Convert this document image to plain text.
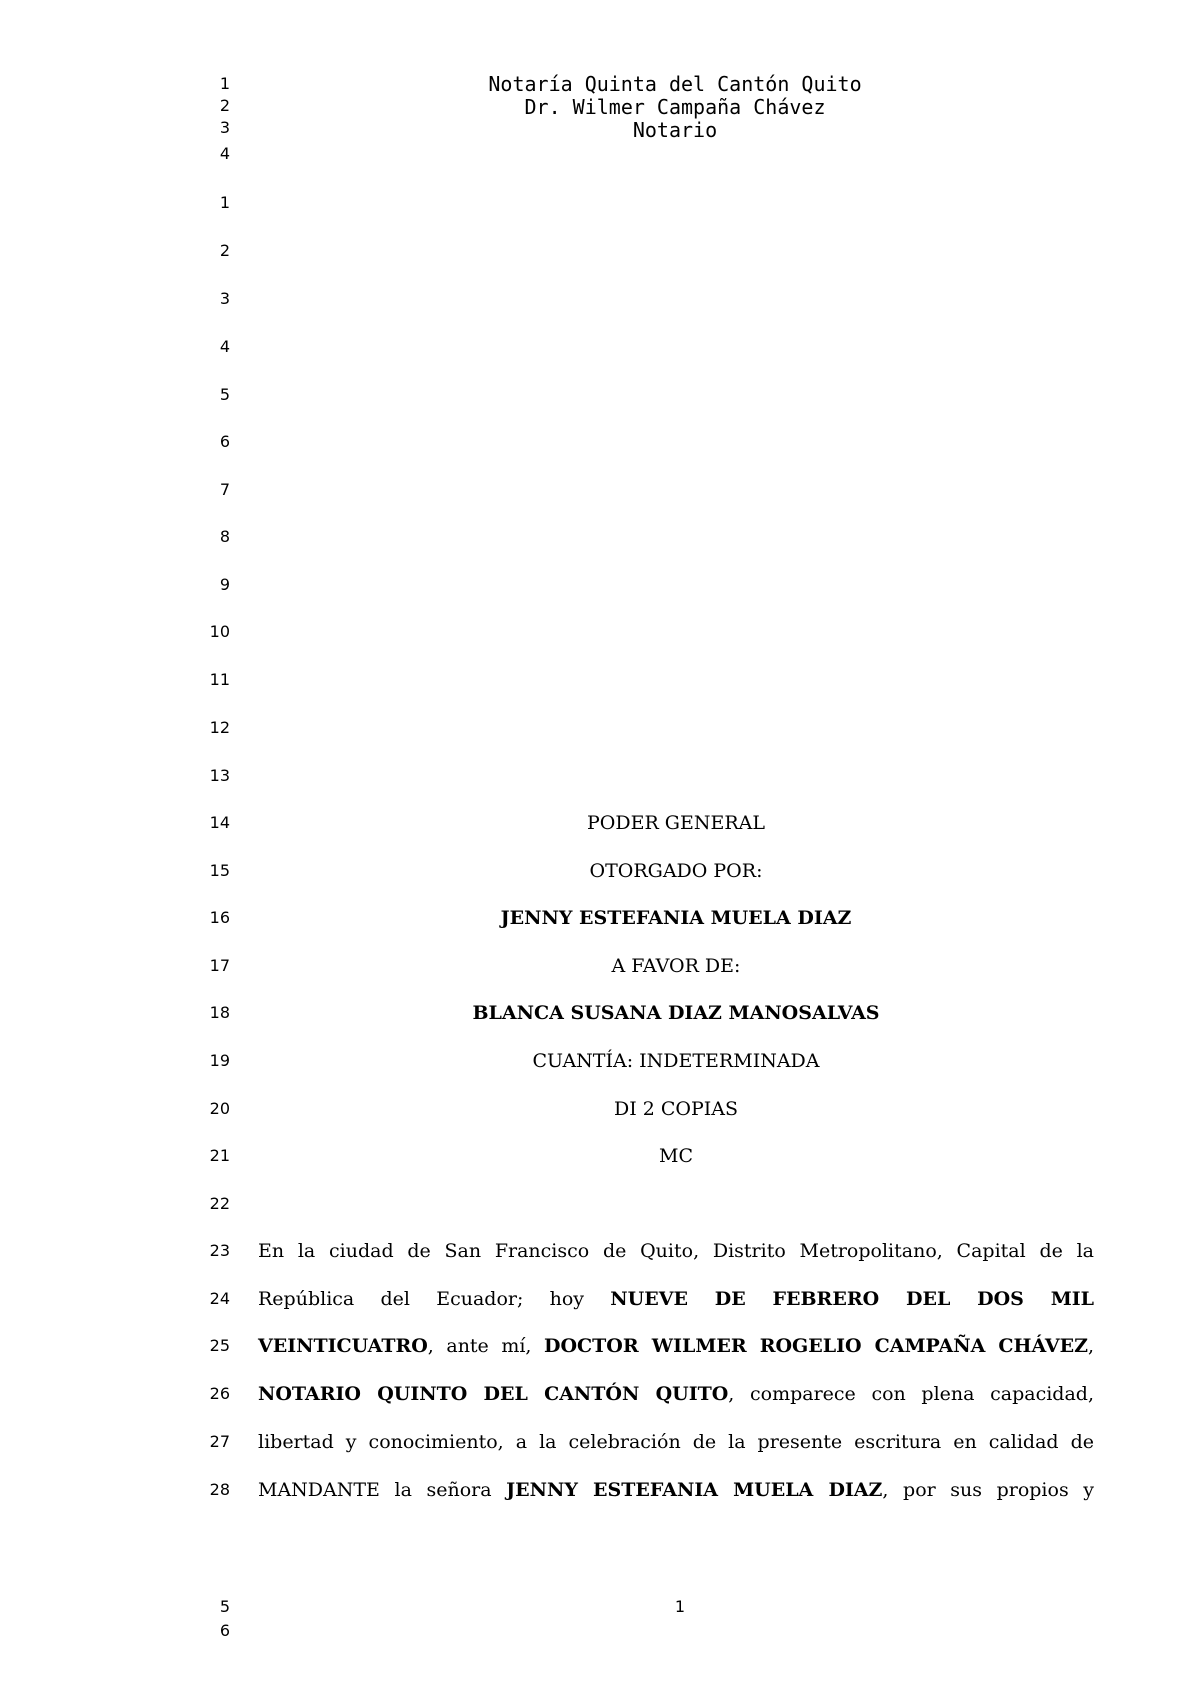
1
2
3
4
Notaría Quinta del Cantón Quito
Dr. Wilmer Campaña Chávez
Notario
1
2
3
4
5
6
7
8
9
10
11
12
13
14
15
16
17
18
19
20
21
22
23
24
25
26
27
28
PODER GENERAL
OTORGADO POR:
JENNY ESTEFANIA MUELA DIAZ
A FAVOR DE:
BLANCA SUSANA DIAZ MANOSALVAS
CUANTÍA: INDETERMINADA
DI 2 COPIAS
MC
En la ciudad de San Francisco de Quito, Distrito Metropolitano, Capital de la
República del Ecuador; hoy NUEVE DE FEBRERO DEL DOS MIL
VEINTICUATRO, ante mí, DOCTOR WILMER ROGELIO CAMPAÑA CHÁVEZ,
NOTARIO QUINTO DEL CANTÓN QUITO, comparece con plena capacidad,
libertad y conocimiento, a la celebración de la presente escritura en calidad de
MANDANTE la señora JENNY ESTEFANIA MUELA DIAZ, por sus propios y
5
6
1
